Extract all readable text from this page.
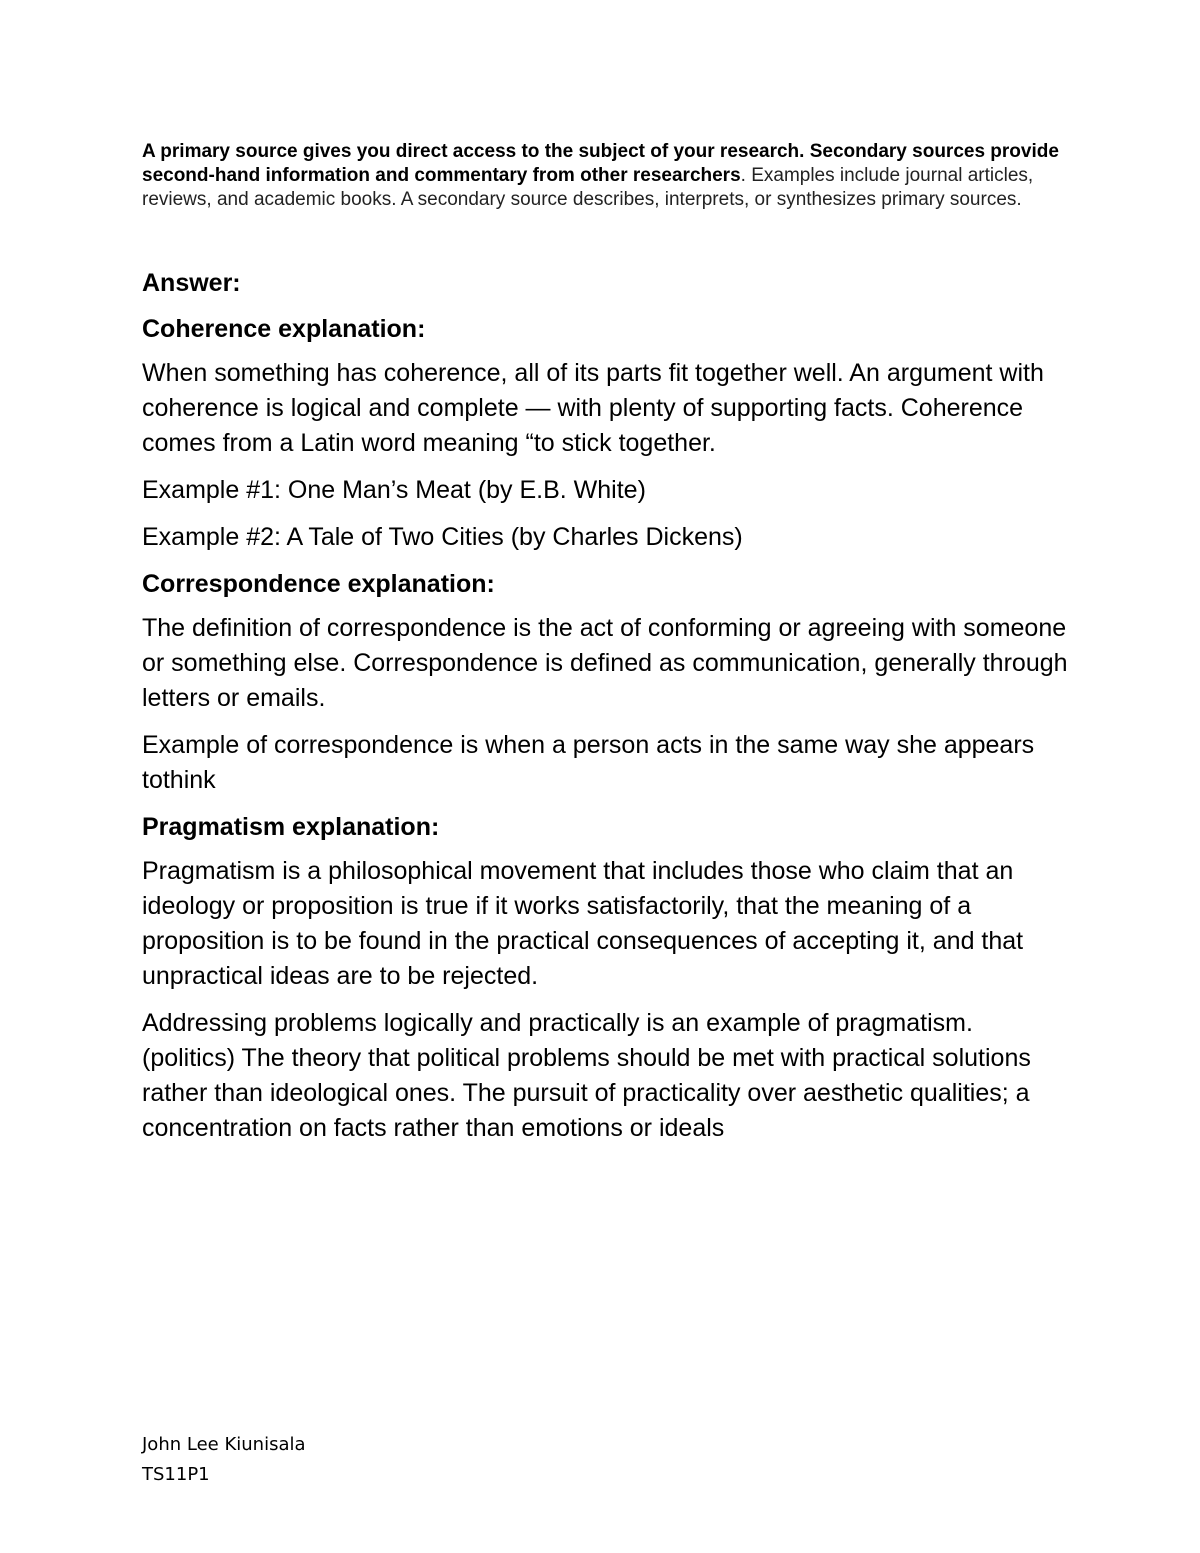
A primary source gives you direct access to the subject of your research. Secondary sources provide second-hand information and commentary from other researchers. Examples include journal articles, reviews, and academic books. A secondary source describes, interprets, or synthesizes primary sources.

Answer:
Coherence explanation:

When something has coherence, all of its parts fit together well. An argument with coherence is logical and complete — with plenty of supporting facts. Coherence comes from a Latin word meaning “to stick together.

Example #1: One Man’s Meat (by E.B. White)

Example #2: A Tale of Two Cities (by Charles Dickens)

Correspondence explanation:

The definition of correspondence is the act of conforming or agreeing with someone or something else. Correspondence is defined as communication, generally through letters or emails.

Example of correspondence is when a person acts in the same way she appears tothink

Pragmatism explanation:

Pragmatism is a philosophical movement that includes those who claim that an ideology or proposition is true if it works satisfactorily, that the meaning of a proposition is to be found in the practical consequences of accepting it, and that unpractical ideas are to be rejected.

Addressing problems logically and practically is an example of pragmatism. (politics) The theory that political problems should be met with practical solutions rather than ideological ones. The pursuit of practicality over aesthetic qualities; a concentration on facts rather than emotions or ideals

John Lee Kiunisala
TS11P1
